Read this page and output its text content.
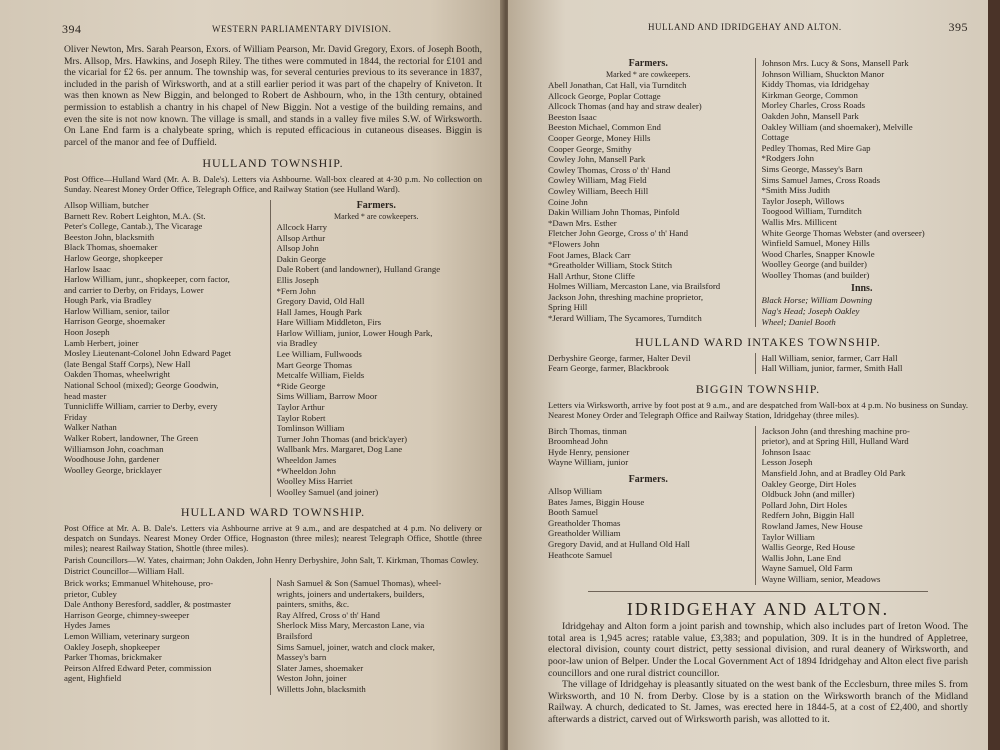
394	WESTERN PARLIAMENTARY DIVISION.

Oliver Newton, Mrs. Sarah Pearson, Exors. of William Pearson, Mr. David Gregory, Exors. of Joseph Booth, Mrs. Allsop, Mrs. Hawkins, and Joseph Riley. The tithes were commuted in 1844, the rectorial for £101 and the vicarial for £2 6s. per annum. The township was, for several centuries previous to its severance in 1837, included in the parish of Wirksworth, and at a still earlier period it was part of the chapelry of Kniveton. It was then known as New Biggin, and belonged to Robert de Ashbourn, who, in the 13th century, obtained permission to establish a chantry in his chapel of New Biggin. Not a vestige of the building remains, and even the site is not now known. The village is small, and stands in a valley five miles S.W. of Wirksworth. On Lane End farm is a chalybeate spring, which is reputed efficacious in cutaneous diseases. Biggin is parcel of the manor and fee of Duffield.

HULLAND TOWNSHIP.

Post Office—Hulland Ward (Mr. A. B. Dale's). Letters via Ashbourne. Wall-box cleared at 4-30 p.m. No collection on Sunday. Nearest Money Order Office, Telegraph Office, and Railway Station (see Hulland Ward).

Allsop William, butcher
Barnett Rev. Robert Leighton, M.A. (St.
Peter's College, Cantab.), The Vicarage
Beeston John, blacksmith
Black Thomas, shoemaker
Harlow George, shopkeeper
Harlow Isaac
Harlow William, junr., shopkeeper, corn factor,
and carrier to Derby, on Fridays, Lower
Hough Park, via Bradley
Harlow William, senior, tailor
Harrison George, shoemaker
Hoon Joseph
Lamb Herbert, joiner
Mosley Lieutenant-Colonel John Edward Paget
(late Bengal Staff Corps), New Hall
Oakden Thomas, wheelwright
National School (mixed); George Goodwin,
head master
Tunnicliffe William, carrier to Derby, every
Friday
Walker Nathan
Walker Robert, landowner, The Green
Williamson John, coachman
Woodhouse John, gardener
Woolley George, bricklayer
Farmers.
Marked * are cowkeepers.
Allcock Harry
Allsop Arthur
Allsop John
Dakin George
Dale Robert (and landowner), Hulland Grange
Ellis Joseph
*Fern John
Gregory David, Old Hall
Hall James, Hough Park
Hare William Middleton, Firs
Harlow William, junior, Lower Hough Park,
via Bradley
Lee William, Fullwoods
Mart George Thomas
Metcalfe William, Fields
*Ride George
Sims William, Barrow Moor
Taylor Arthur
Taylor Robert
Tomlinson William
Turner John Thomas (and brick'ayer)
Wallbank Mrs. Margaret, Dog Lane
Wheeldon James
*Wheeldon John
Woolley Miss Harriet
Woolley Samuel (and joiner)
HULLAND WARD TOWNSHIP.

Post Office at Mr. A. B. Dale's. Letters via Ashbourne arrive at 9 a.m., and are despatched at 4 p.m. No delivery or despatch on Sundays. Nearest Money Order Office, Hognaston (three miles); nearest Telegraph Office, Shottle (three miles); nearest Railway Station, Shottle (three miles).

Parish Councillors—W. Yates, chairman; John Oakden, John Henry Derbyshire, John Salt, T. Kirkman, Thomas Cowley.

District Councillor—William Hall.

Brick works; Emmanuel Whitehouse, pro-
prietor, Cubley
Dale Anthony Beresford, saddler, & postmaster
Harrison George, chimney-sweeper
Hydes James
Lemon William, veterinary surgeon
Oakley Joseph, shopkeeper
Parker Thomas, brickmaker
Peirson Alfred Edward Peter, commission
agent, Highfield
Nash Samuel & Son (Samuel Thomas), wheel-
wrights, joiners and undertakers, builders,
painters, smiths, &c.
Ray Alfred, Cross o' th' Hand
Sherlock Miss Mary, Mercaston Lane, via
Brailsford
Sims Samuel, joiner, watch and clock maker,
Massey's barn
Slater James, shoemaker
Weston John, joiner
Willetts John, blacksmith
HULLAND AND IDRIDGEHAY AND ALTON.	395
Farmers.
Marked * are cowkeepers.
Abell Jonathan, Cat Hall, via Turnditch
Allcock George, Poplar Cottage
Allcock Thomas (and hay and straw dealer)
Beeston Isaac
Beeston Michael, Common End
Cooper George, Money Hills
Cooper George, Smithy
Cowley John, Mansell Park
Cowley Thomas, Cross o' th' Hand
Cowley William, Mag Field
Cowley William, Beech Hill
Coine John
Dakin William John Thomas, Pinfold
*Dawn Mrs. Esther
Fletcher John George, Cross o' th' Hand
*Flowers John
Foot James, Black Carr
*Greatholder William, Stock Stitch
Hall Arthur, Stone Cliffe
Holmes William, Mercaston Lane, via Brailsford
Jackson John, threshing machine proprietor,
Spring Hill
*Jerard William, The Sycamores, Turnditch
Johnson Mrs. Lucy & Sons, Mansell Park
Johnson William, Shuckton Manor
Kiddy Thomas, via Idridgehay
Kirkman George, Common
Morley Charles, Cross Roads
Oakden John, Mansell Park
Oakley William (and shoemaker), Melville
Cottage
Pedley Thomas, Red Mire Gap
*Rodgers John
Sims George, Massey's Barn
Sims Samuel James, Cross Roads
*Smith Miss Judith
Taylor Joseph, Willows
Toogood William, Turnditch
Wallis Mrs. Millicent
White George Thomas Webster (and overseer)
Winfield Samuel, Money Hills
Wood Charles, Snapper Knowle
Woolley George (and builder)
Woolley Thomas (and builder)
Inns.
Black Horse; William Downing
Nag's Head; Joseph Oakley
Wheel; Daniel Booth
HULLAND WARD INTAKES TOWNSHIP.
Derbyshire George, farmer, Halter Devil
Fearn George, farmer, Blackbrook
Hall William, senior, farmer, Carr Hall
Hall William, junior, farmer, Smith Hall
BIGGIN TOWNSHIP.

Letters via Wirksworth, arrive by foot post at 9 a.m., and are despatched from Wall-box at 4 p.m. No business on Sunday. Nearest Money Order and Telegraph Office and Railway Station, Idridgehay (three miles).

Birch Thomas, tinman
Broomhead John
Hyde Henry, pensioner
Wayne William, junior
Farmers.
Allsop William
Bates James, Biggin House
Booth Samuel
Greatholder Thomas
Greatholder William
Gregory David, and at Hulland Old Hall
Heathcote Samuel
Jackson John (and threshing machine pro-
prietor), and at Spring Hill, Hulland Ward
Johnson Isaac
Lesson Joseph
Mansfield John, and at Bradley Old Park
Oakley George, Dirt Holes
Oldbuck John (and miller)
Pollard John, Dirt Holes
Redfern John, Biggin Hall
Rowland James, New House
Taylor William
Wallis George, Red House
Wallis John, Lane End
Wayne Samuel, Old Farm
Wayne William, senior, Meadows
IDRIDGEHAY AND ALTON.

Idridgehay and Alton form a joint parish and township, which also includes part of Ireton Wood. The total area is 1,945 acres; ratable value, £3,383; and population, 309. It is in the hundred of Appletree, electoral division, county court district, petty sessional division, and rural deanery of Wirksworth, and poor-law union of Belper. Under the Local Government Act of 1894 Idridgehay and Alton elect five parish councillors and one rural district councillor.

The village of Idridgehay is pleasantly situated on the west bank of the Ecclesburn, three miles S. from Wirksworth, and 10 N. from Derby. Close by is a station on the Wirksworth branch of the Midland Railway. A church, dedicated to St. James, was erected here in 1844-5, at a cost of £2,400, and shortly afterwards a district, carved out of Wirksworth parish, was allotted to it.
